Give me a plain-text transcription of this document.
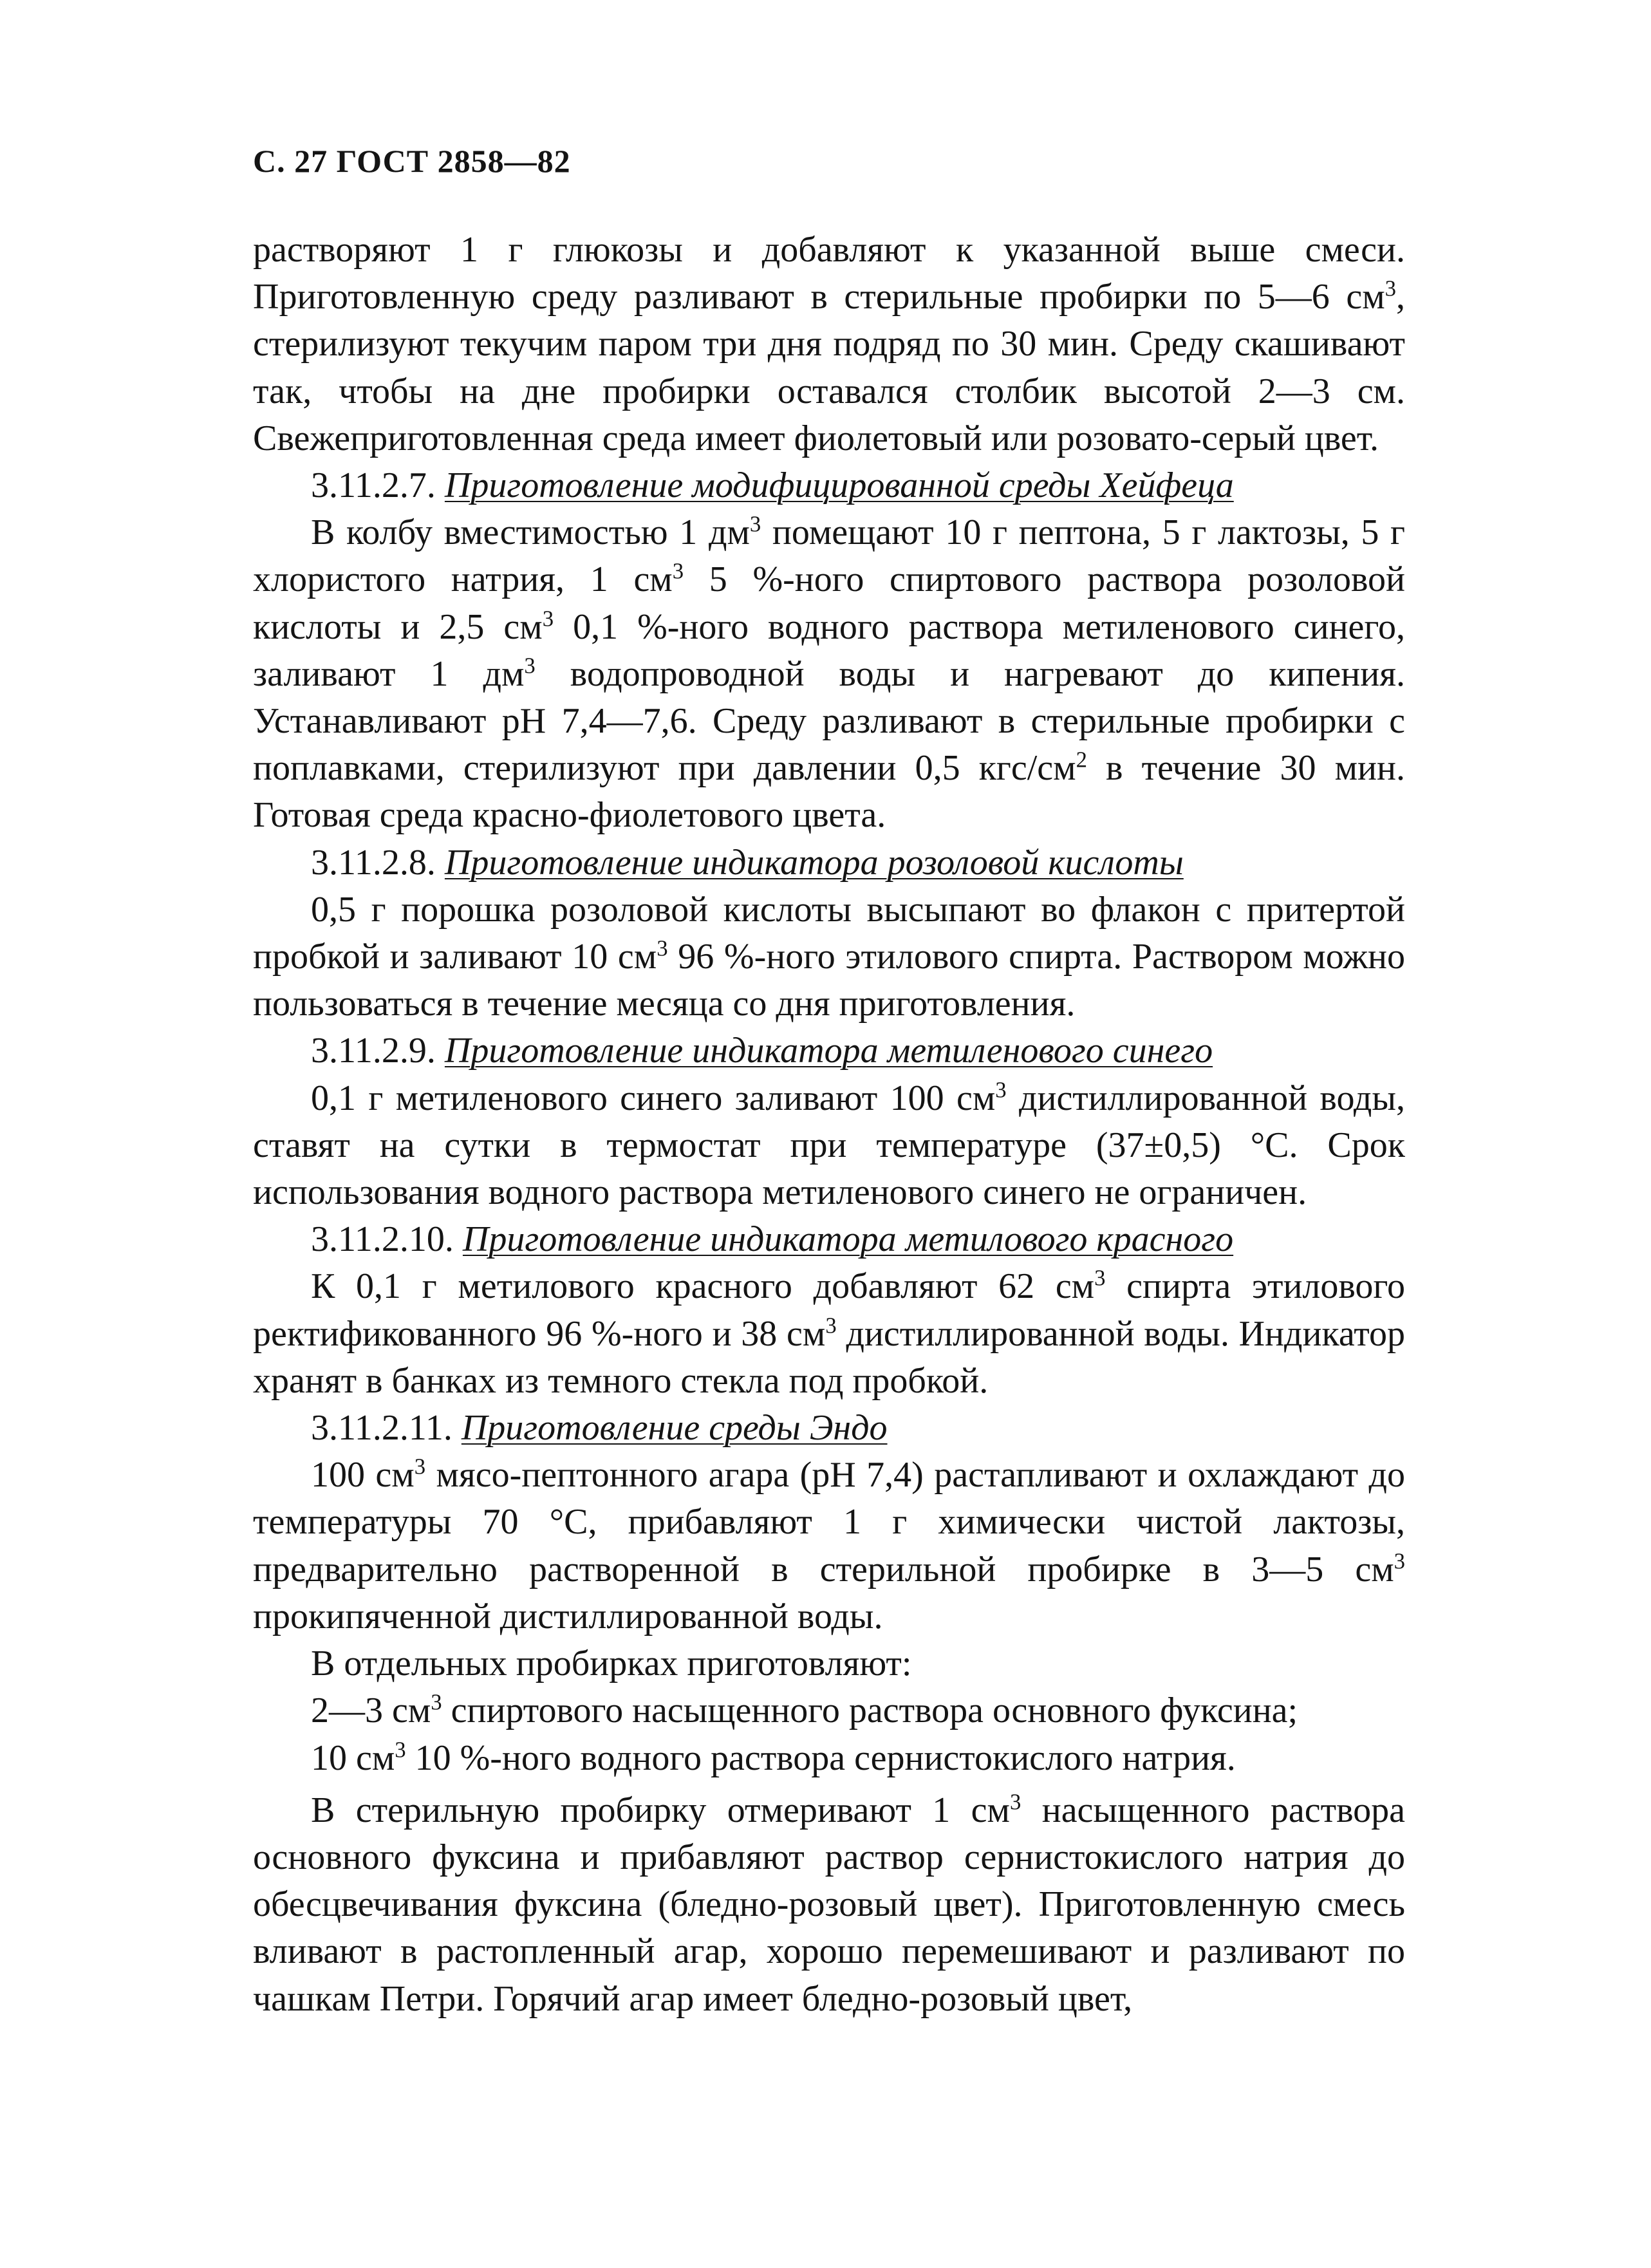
С. 27 ГОСТ 2858—82

растворяют 1 г глюкозы и добавляют к указанной выше смеси. Приготовленную среду разливают в стерильные пробирки по 5—6 $см^3$, стерилизуют текучим паром три дня подряд по 30 мин. Среду скашивают так, чтобы на дне пробирки оставался столбик высотой 2—3 см. Свежеприготовленная среда имеет фиолетовый или розовато-серый цвет.

3.11.2.7. Приготовление модифицированной среды Хейфеца

В колбу вместимостью 1 $дм^3$ помещают 10 г пептона, 5 г лактозы, 5 г хлористого натрия, 1 $см^3$ 5 %-ного спиртового раствора розоловой кислоты и 2,5 $см^3$ 0,1 %-ного водного раствора метиленового синего, заливают 1 $дм^3$ водопроводной воды и нагревают до кипения. Устанавливают pH 7,4—7,6. Среду разливают в стерильные пробирки с поплавками, стерилизуют при давлении 0,5 кгс/$см^2$ в течение 30 мин. Готовая среда красно-фиолетового цвета.

3.11.2.8. Приготовление индикатора розоловой кислоты

0,5 г порошка розоловой кислоты высыпают во флакон с притертой пробкой и заливают 10 $см^3$ 96 %-ного этилового спирта. Раствором можно пользоваться в течение месяца со дня приготовления.

3.11.2.9. Приготовление индикатора метиленового синего

0,1 г метиленового синего заливают 100 $см^3$ дистиллированной воды, ставят на сутки в термостат при температуре (37±0,5) °С. Срок использования водного раствора метиленового синего не ограничен.

3.11.2.10. Приготовление индикатора метилового красного

К 0,1 г метилового красного добавляют 62 $см^3$ спирта этилового ректификованного 96 %-ного и 38 $см^3$ дистиллированной воды. Индикатор хранят в банках из темного стекла под пробкой.

3.11.2.11. Приготовление среды Эндо

100 $см^3$ мясо-пептонного агара (pH 7,4) растапливают и охлаждают до температуры 70 °С, прибавляют 1 г химически чистой лактозы, предварительно растворенной в стерильной пробирке в 3—5 $см^3$ прокипяченной дистиллированной воды.

В отдельных пробирках приготовляют:

2—3 $см^3$ спиртового насыщенного раствора основного фуксина;

10 $см^3$ 10 %-ного водного раствора сернистокислого натрия.

В стерильную пробирку отмеривают 1 $см^3$ насыщенного раствора основного фуксина и прибавляют раствор сернистокислого натрия до обесцвечивания фуксина (бледно-розовый цвет). Приготовленную смесь вливают в растопленный агар, хорошо перемешивают и разливают по чашкам Петри. Горячий агар имеет бледно-розовый цвет,
